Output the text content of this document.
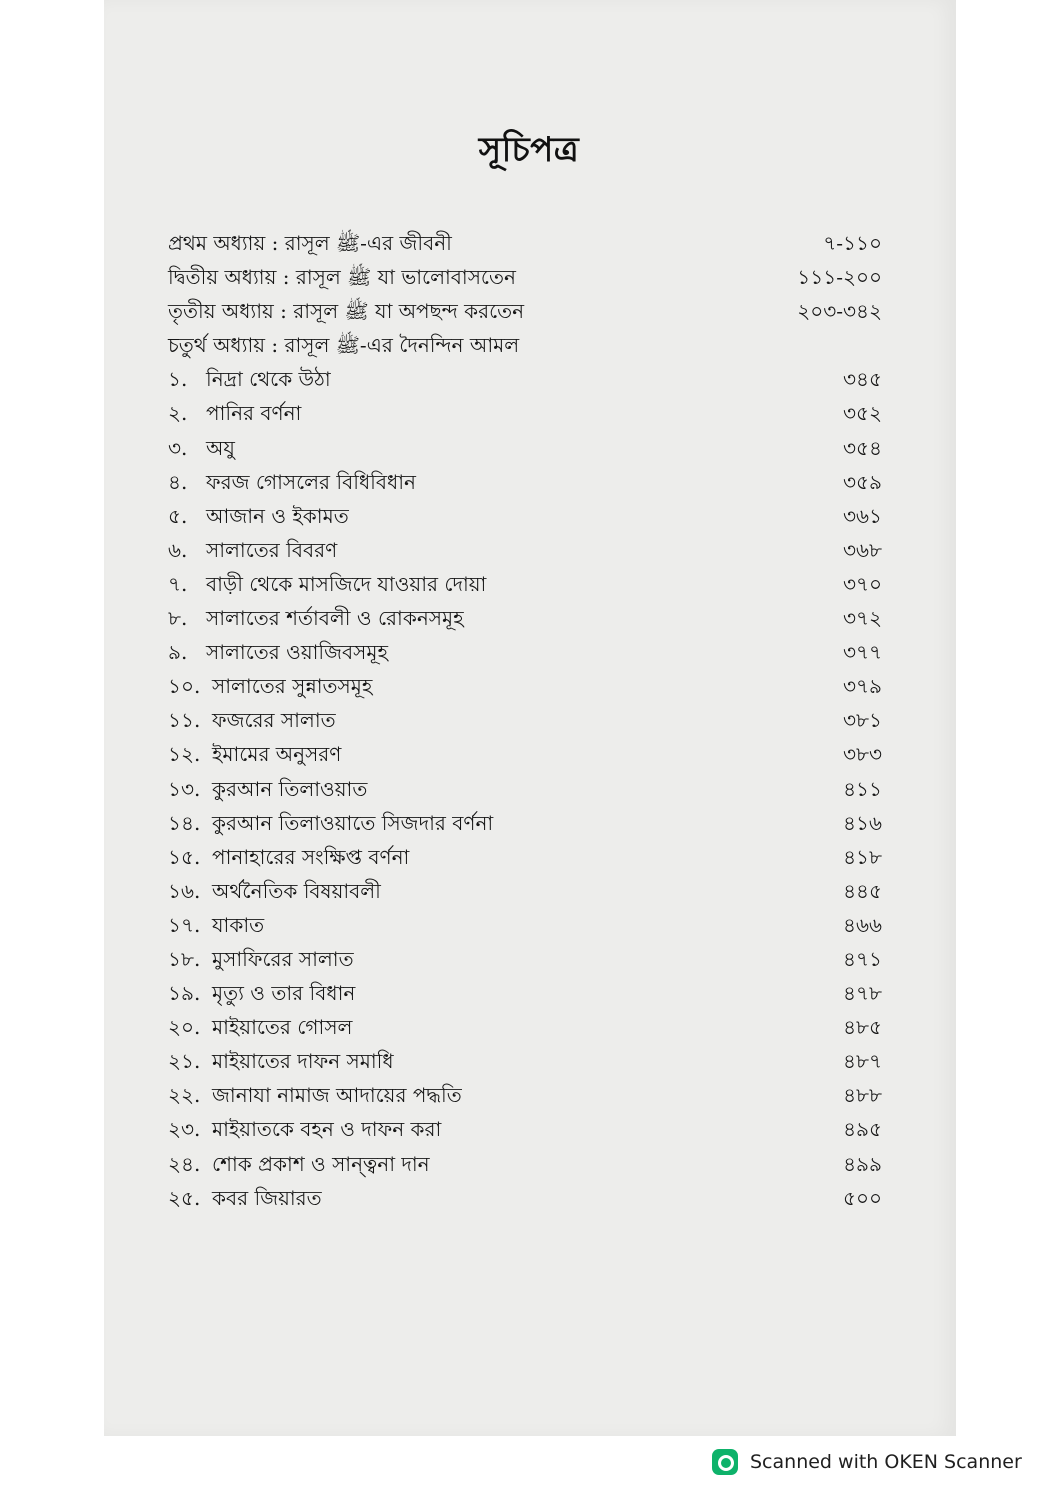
সূচিপত্র
প্রথম অধ্যায় : রাসূল ﷺ-এর জীবনী	৭-১১০
দ্বিতীয় অধ্যায় : রাসূল ﷺ যা ভালোবাসতেন	১১১-২০০
তৃতীয় অধ্যায় : রাসূল ﷺ যা অপছন্দ করতেন	২০৩-৩৪২
চতুর্থ অধ্যায় : রাসূল ﷺ-এর দৈনন্দিন আমল
১. নিদ্রা থেকে উঠা	৩৪৫
২. পানির বর্ণনা	৩৫২
৩. অযু	৩৫৪
৪. ফরজ গোসলের বিধিবিধান	৩৫৯
৫. আজান ও ইকামত	৩৬১
৬. সালাতের বিবরণ	৩৬৮
৭. বাড়ী থেকে মাসজিদে যাওয়ার দোয়া	৩৭০
৮. সালাতের শর্তাবলী ও রোকনসমূহ	৩৭২
৯. সালাতের ওয়াজিবসমূহ	৩৭৭
১০. সালাতের সুন্নাতসমূহ	৩৭৯
১১. ফজরের সালাত	৩৮১
১২. ইমামের অনুসরণ	৩৮৩
১৩. কুরআন তিলাওয়াত	৪১১
১৪. কুরআন তিলাওয়াতে সিজদার বর্ণনা	৪১৬
১৫. পানাহারের সংক্ষিপ্ত বর্ণনা	৪১৮
১৬. অর্থনৈতিক বিষয়াবলী	৪৪৫
১৭. যাকাত	৪৬৬
১৮. মুসাফিরের সালাত	৪৭১
১৯. মৃত্যু ও তার বিধান	৪৭৮
২০. মাইয়াতের গোসল	৪৮৫
২১. মাইয়াতের দাফন সমাধি	৪৮৭
২২. জানাযা নামাজ আদায়ের পদ্ধতি	৪৮৮
২৩. মাইয়াতকে বহন ও দাফন করা	৪৯৫
২৪. শোক প্রকাশ ও সান্ত্বনা দান	৪৯৯
২৫. কবর জিয়ারত	৫০০
Scanned with OKEN Scanner
